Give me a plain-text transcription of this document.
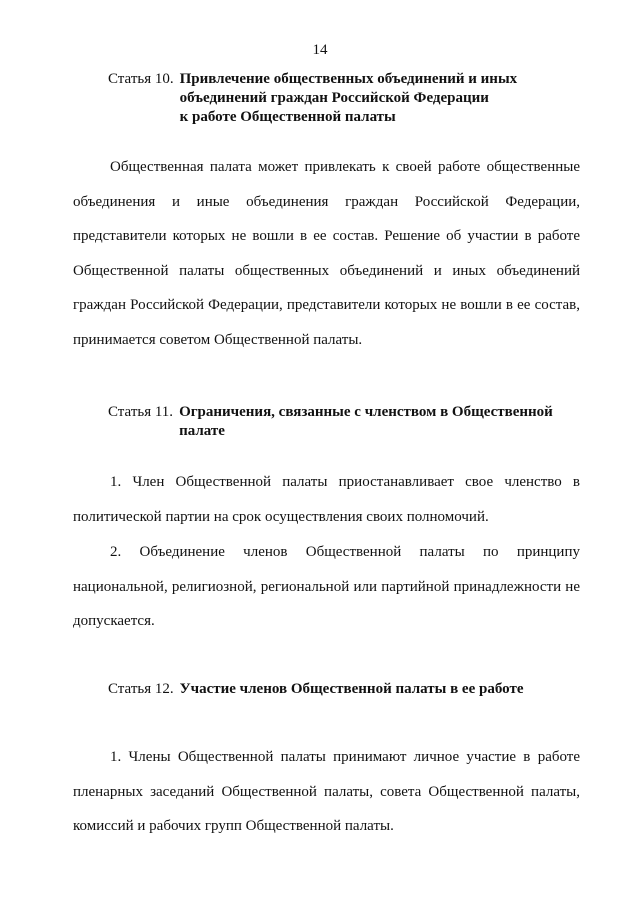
14
Статья 10. Привлечение общественных объединений и иных
объединений граждан Российской Федерации
к работе Общественной палаты
Общественная палата может привлекать к своей работе общественные объединения и иные объединения граждан Российской Федерации, представители которых не вошли в ее состав. Решение об участии в работе Общественной палаты общественных объединений и иных объединений граждан Российской Федерации, представители которых не вошли в ее состав, принимается советом Общественной палаты.
Статья 11. Ограничения, связанные с членством в Общественной
палате
1. Член Общественной палаты приостанавливает свое членство в политической партии на срок осуществления своих полномочий.
2. Объединение членов Общественной палаты по принципу национальной, религиозной, региональной или партийной принадлежности не допускается.
Статья 12. Участие членов Общественной палаты в ее работе
1. Члены Общественной палаты принимают личное участие в работе пленарных заседаний Общественной палаты, совета Общественной палаты, комиссий и рабочих групп Общественной палаты.
